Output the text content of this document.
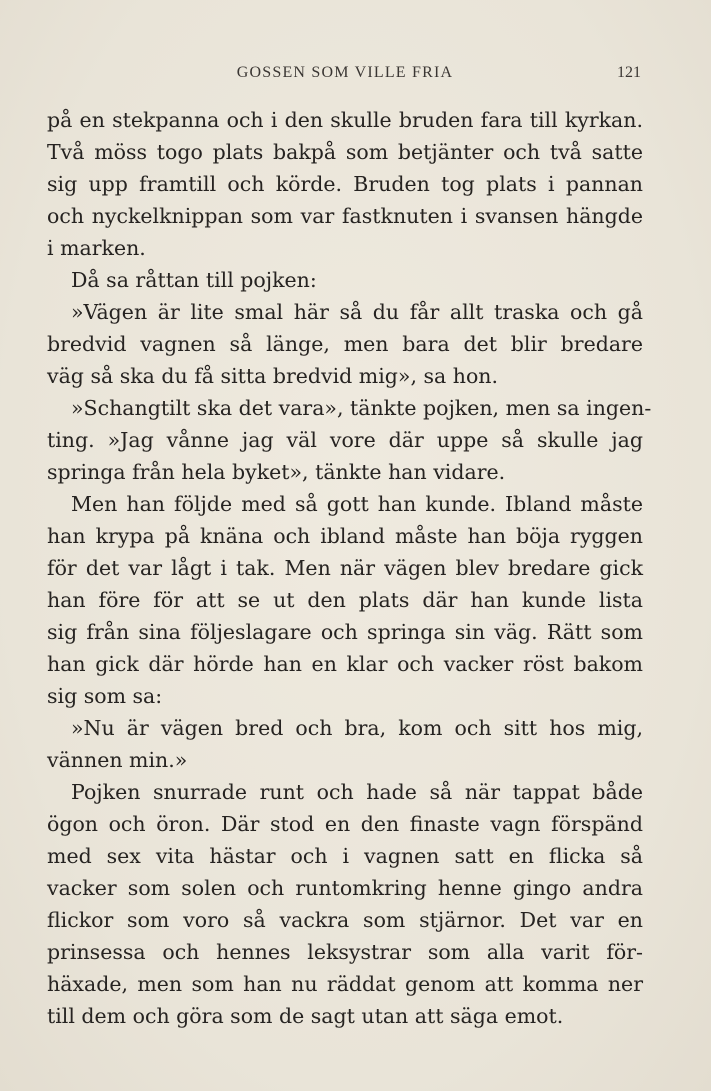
GOSSEN SOM VILLE FRIA	121
på en stekpanna och i den skulle bruden fara till kyrkan.
Två möss togo plats bakpå som betjänter och två satte
sig upp framtill och körde. Bruden tog plats i pannan
och nyckelknippan som var fastknuten i svansen hängde
i marken.
Då sa råttan till pojken:
»Vägen är lite smal här så du får allt traska och gå
bredvid vagnen så länge, men bara det blir bredare
väg så ska du få sitta bredvid mig», sa hon.
»Schangtilt ska det vara», tänkte pojken, men sa ingen-
ting. »Jag vånne jag väl vore där uppe så skulle jag
springa från hela byket», tänkte han vidare.
Men han följde med så gott han kunde. Ibland måste
han krypa på knäna och ibland måste han böja ryggen
för det var lågt i tak. Men när vägen blev bredare gick
han före för att se ut den plats där han kunde lista
sig från sina följeslagare och springa sin väg. Rätt som
han gick där hörde han en klar och vacker röst bakom
sig som sa:
»Nu är vägen bred och bra, kom och sitt hos mig,
vännen min.»
Pojken snurrade runt och hade så när tappat både
ögon och öron. Där stod en den finaste vagn förspänd
med sex vita hästar och i vagnen satt en flicka så
vacker som solen och runtomkring henne gingo andra
flickor som voro så vackra som stjärnor. Det var en
prinsessa och hennes leksystrar som alla varit för-
häxade, men som han nu räddat genom att komma ner
till dem och göra som de sagt utan att säga emot.
